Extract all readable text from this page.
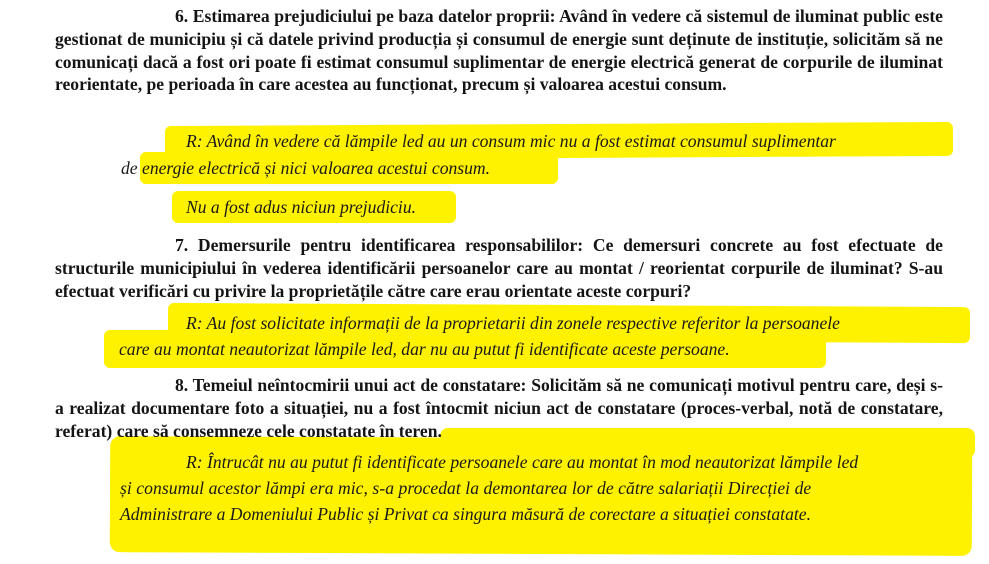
6. Estimarea prejudiciului pe baza datelor proprii: Având în vedere că sistemul de iluminat public este gestionat de municipiu și că datele privind producția și consumul de energie sunt deținute de instituție, solicităm să ne comunicați dacă a fost ori poate fi estimat consumul suplimentar de energie electrică generat de corpurile de iluminat reorientate, pe perioada în care acestea au funcționat, precum și valoarea acestui consum.

R: Având în vedere că lămpile led au un consum mic nu a fost estimat consumul suplimentar

de energie electrică și nici valoarea acestui consum.

Nu a fost adus niciun prejudiciu.

7. Demersurile pentru identificarea responsabililor: Ce demersuri concrete au fost efectuate de structurile municipiului în vederea identificării persoanelor care au montat / reorientat corpurile de iluminat? S-au efectuat verificări cu privire la proprietățile către care erau orientate aceste corpuri?

R: Au fost solicitate informații de la proprietarii din zonele respective referitor la persoanele

care au montat neautorizat lămpile led, dar nu au putut fi identificate aceste persoane.

8. Temeiul neîntocmirii unui act de constatare: Solicităm să ne comunicați motivul pentru care, deși s-a realizat documentare foto a situației, nu a fost întocmit niciun act de constatare (proces-verbal, notă de constatare, referat) care să consemneze cele constatate în teren.

R: Întrucât nu au putut fi identificate persoanele care au montat în mod neautorizat lămpile led

și consumul acestor lămpi era mic, s-a procedat la demontarea lor de către salariații Direcției de

Administrare a Domeniului Public și Privat ca singura măsură de corectare a situației constatate.
